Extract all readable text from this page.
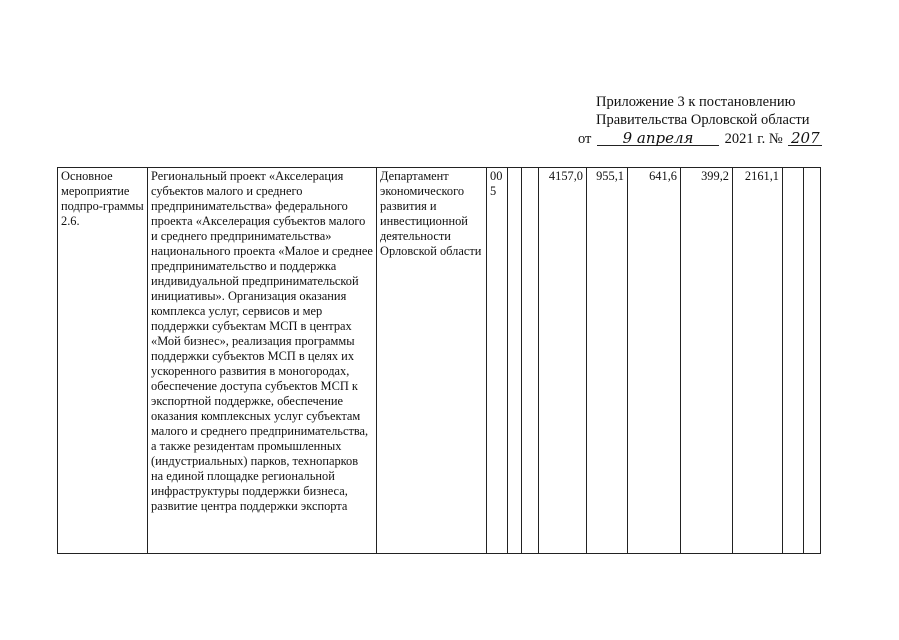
Приложение 3 к постановлению
Правительства Орловской области
от 9 апреля 2021 г. № 207
Основное мероприятие подпро-граммы 2.6.	Региональный проект «Акселерация субъектов малого и среднего предпринимательства» федерального проекта «Акселерация субъектов малого и среднего предпринимательства» национального проекта «Малое и среднее предпринимательство и поддержка индивидуальной предпринимательской инициативы». Организация оказания комплекса услуг, сервисов и мер поддержки субъектам МСП в центрах «Мой бизнес», реализация программы поддержки субъектов МСП в целях их ускоренного развития в моногородах, обеспечение доступа субъектов МСП к экспортной поддержке, обеспечение оказания комплексных услуг субъектам малого и среднего предпринимательства, а также резидентам промышленных (индустриальных) парков, технопарков на единой площадке региональной инфраструктуры поддержки бизнеса, развитие центра поддержки экспорта	Департамент экономического развития и инвестиционной деятельности Орловской области	005			4157,0	955,1	641,6	399,2	2161,1		
